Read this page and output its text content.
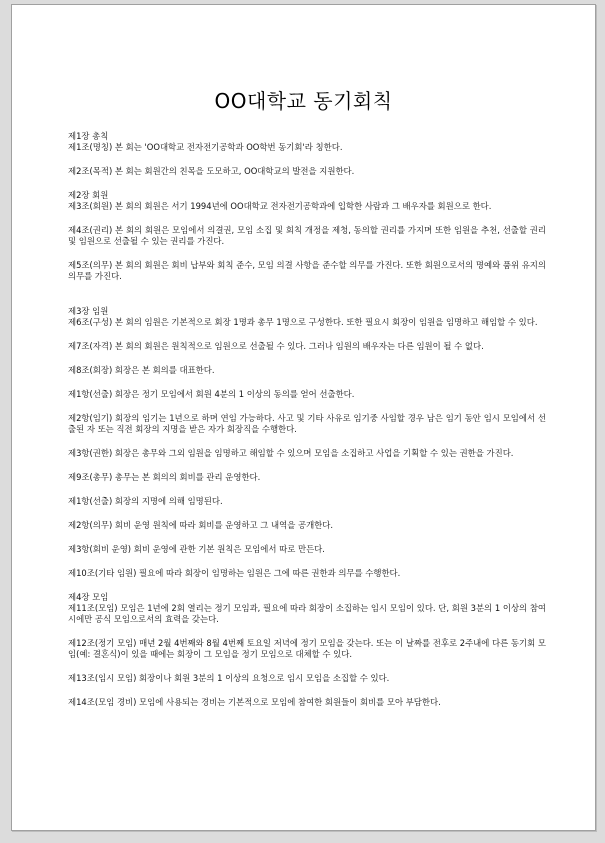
OO대학교 동기회칙
제1장 총칙
제1조(명칭) 본 회는 'OO대학교 전자전기공학과 OO학번 동기회'라 칭한다.
제2조(목적) 본 회는 회원간의 친목을 도모하고, OO대학교의 발전을 지원한다.
제2장 회원
제3조(회원) 본 회의 회원은 서기 1994년에 OO대학교 전자전기공학과에 입학한 사람과 그 배우자를 회원으로 한다.
제4조(권리) 본 회의 회원은 모임에서 의결권, 모임 소집 및 회칙 개정을 제청, 동의할 권리를 가지며 또한 임원을 추천, 선출할 권리 및 임원으로 선출될 수 있는 권리를 가진다.
제5조(의무) 본 회의 회원은 회비 납부와 회칙 준수, 모임 의결 사항을 준수할 의무를 가진다. 또한 회원으로서의 명예와 품위 유지의 의무를 가진다.
제3장 임원
제6조(구성) 본 회의 임원은 기본적으로 회장 1명과 총무 1명으로 구성한다. 또한 필요시 회장이 임원을 임명하고 해임할 수 있다.
제7조(자격) 본 회의 회원은 원칙적으로 임원으로 선출될 수 있다. 그러나 임원의 배우자는 다른 임원이 될 수 없다.
제8조(회장) 회장은 본 회의를 대표한다.
제1항(선출) 회장은 정기 모임에서 회원 4분의 1 이상의 동의를 얻어 선출한다.
제2항(임기) 회장의 임기는 1년으로 하며 연임 가능하다. 사고 및 기타 사유로 임기중 사임할 경우 남은 임기 동안 임시 모임에서 선출된 자 또는 직전 회장의 지명을 받은 자가 회장직을 수행한다.
제3항(권한) 회장은 총무와 그외 임원을 임명하고 해임할 수 있으며 모임을 소집하고 사업을 기획할 수 있는 권한을 가진다.
제9조(총무) 총무는 본 회의의 회비를 관리 운영한다.
제1항(선출) 회장의 지명에 의해 임명된다.
제2항(의무) 회비 운영 원칙에 따라 회비를 운영하고 그 내역을 공개한다.
제3항(회비 운영) 회비 운영에 관한 기본 원칙은 모임에서 따로 만든다.
제10조(기타 임원) 필요에 따라 회장이 임명하는 임원은 그에 따른 권한과 의무를 수행한다.
제4장 모임
제11조(모임) 모임은 1년에 2회 열리는 정기 모임과, 필요에 따라 회장이 소집하는 임시 모임이 있다. 단, 회원 3분의 1 이상의 참여시에만 공식 모임으로서의 효력을 갖는다.
제12조(정기 모임) 매년 2월 4번째와 8월 4번째 토요일 저녁에 정기 모임을 갖는다. 또는 이 날짜를 전후로 2주내에 다른 동기회 모임(예: 결혼식)이 있을 때에는 회장이 그 모임을 정기 모임으로 대체할 수 있다.
제13조(임시 모임) 회장이나 회원 3분의 1 이상의 요청으로 임시 모임을 소집할 수 있다.
제14조(모임 경비) 모임에 사용되는 경비는 기본적으로 모임에 참여한 회원들이 회비를 모아 부담한다.
